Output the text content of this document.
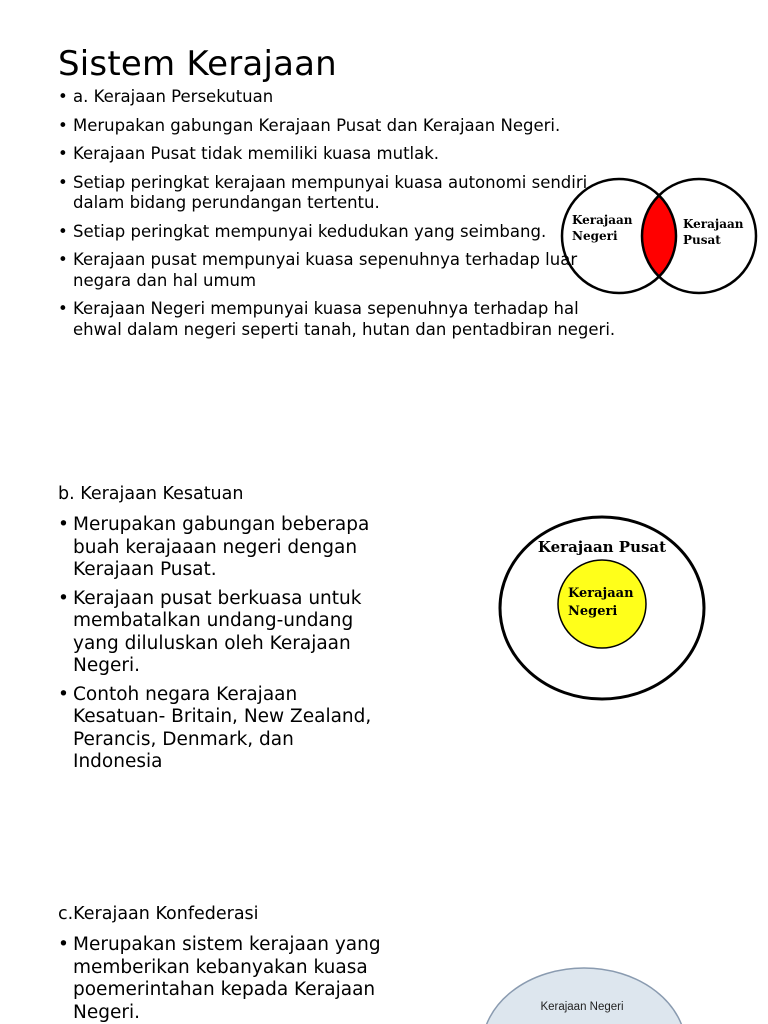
Sistem Kerajaan
• a. Kerajaan Persekutuan
• Merupakan gabungan Kerajaan Pusat dan Kerajaan Negeri.
• Kerajaan Pusat tidak memiliki kuasa mutlak.
• Setiap peringkat kerajaan mempunyai kuasa autonomi sendiri dalam bidang perundangan tertentu.
• Setiap peringkat mempunyai kedudukan yang seimbang.
• Kerajaan pusat mempunyai kuasa sepenuhnya terhadap luar negara dan hal umum
• Kerajaan Negeri mempunyai kuasa sepenuhnya terhadap hal ehwal dalam negeri seperti tanah, hutan dan pentadbiran negeri.
Kerajaan
Negeri
Kerajaan
Pusat
b. Kerajaan Kesatuan
• Merupakan gabungan beberapa buah kerajaaan negeri dengan Kerajaan Pusat.
• Kerajaan pusat berkuasa untuk membatalkan undang-undang yang diluluskan oleh Kerajaan Negeri.
• Contoh negara Kerajaan Kesatuan- Britain, New Zealand, Perancis, Denmark, dan Indonesia
Kerajaan Pusat
Kerajaan
Negeri
c.Kerajaan Konfederasi
• Merupakan sistem kerajaan yang memberikan kebanyakan kuasa poemerintahan kepada Kerajaan Negeri.	Kerajaan Negeri
